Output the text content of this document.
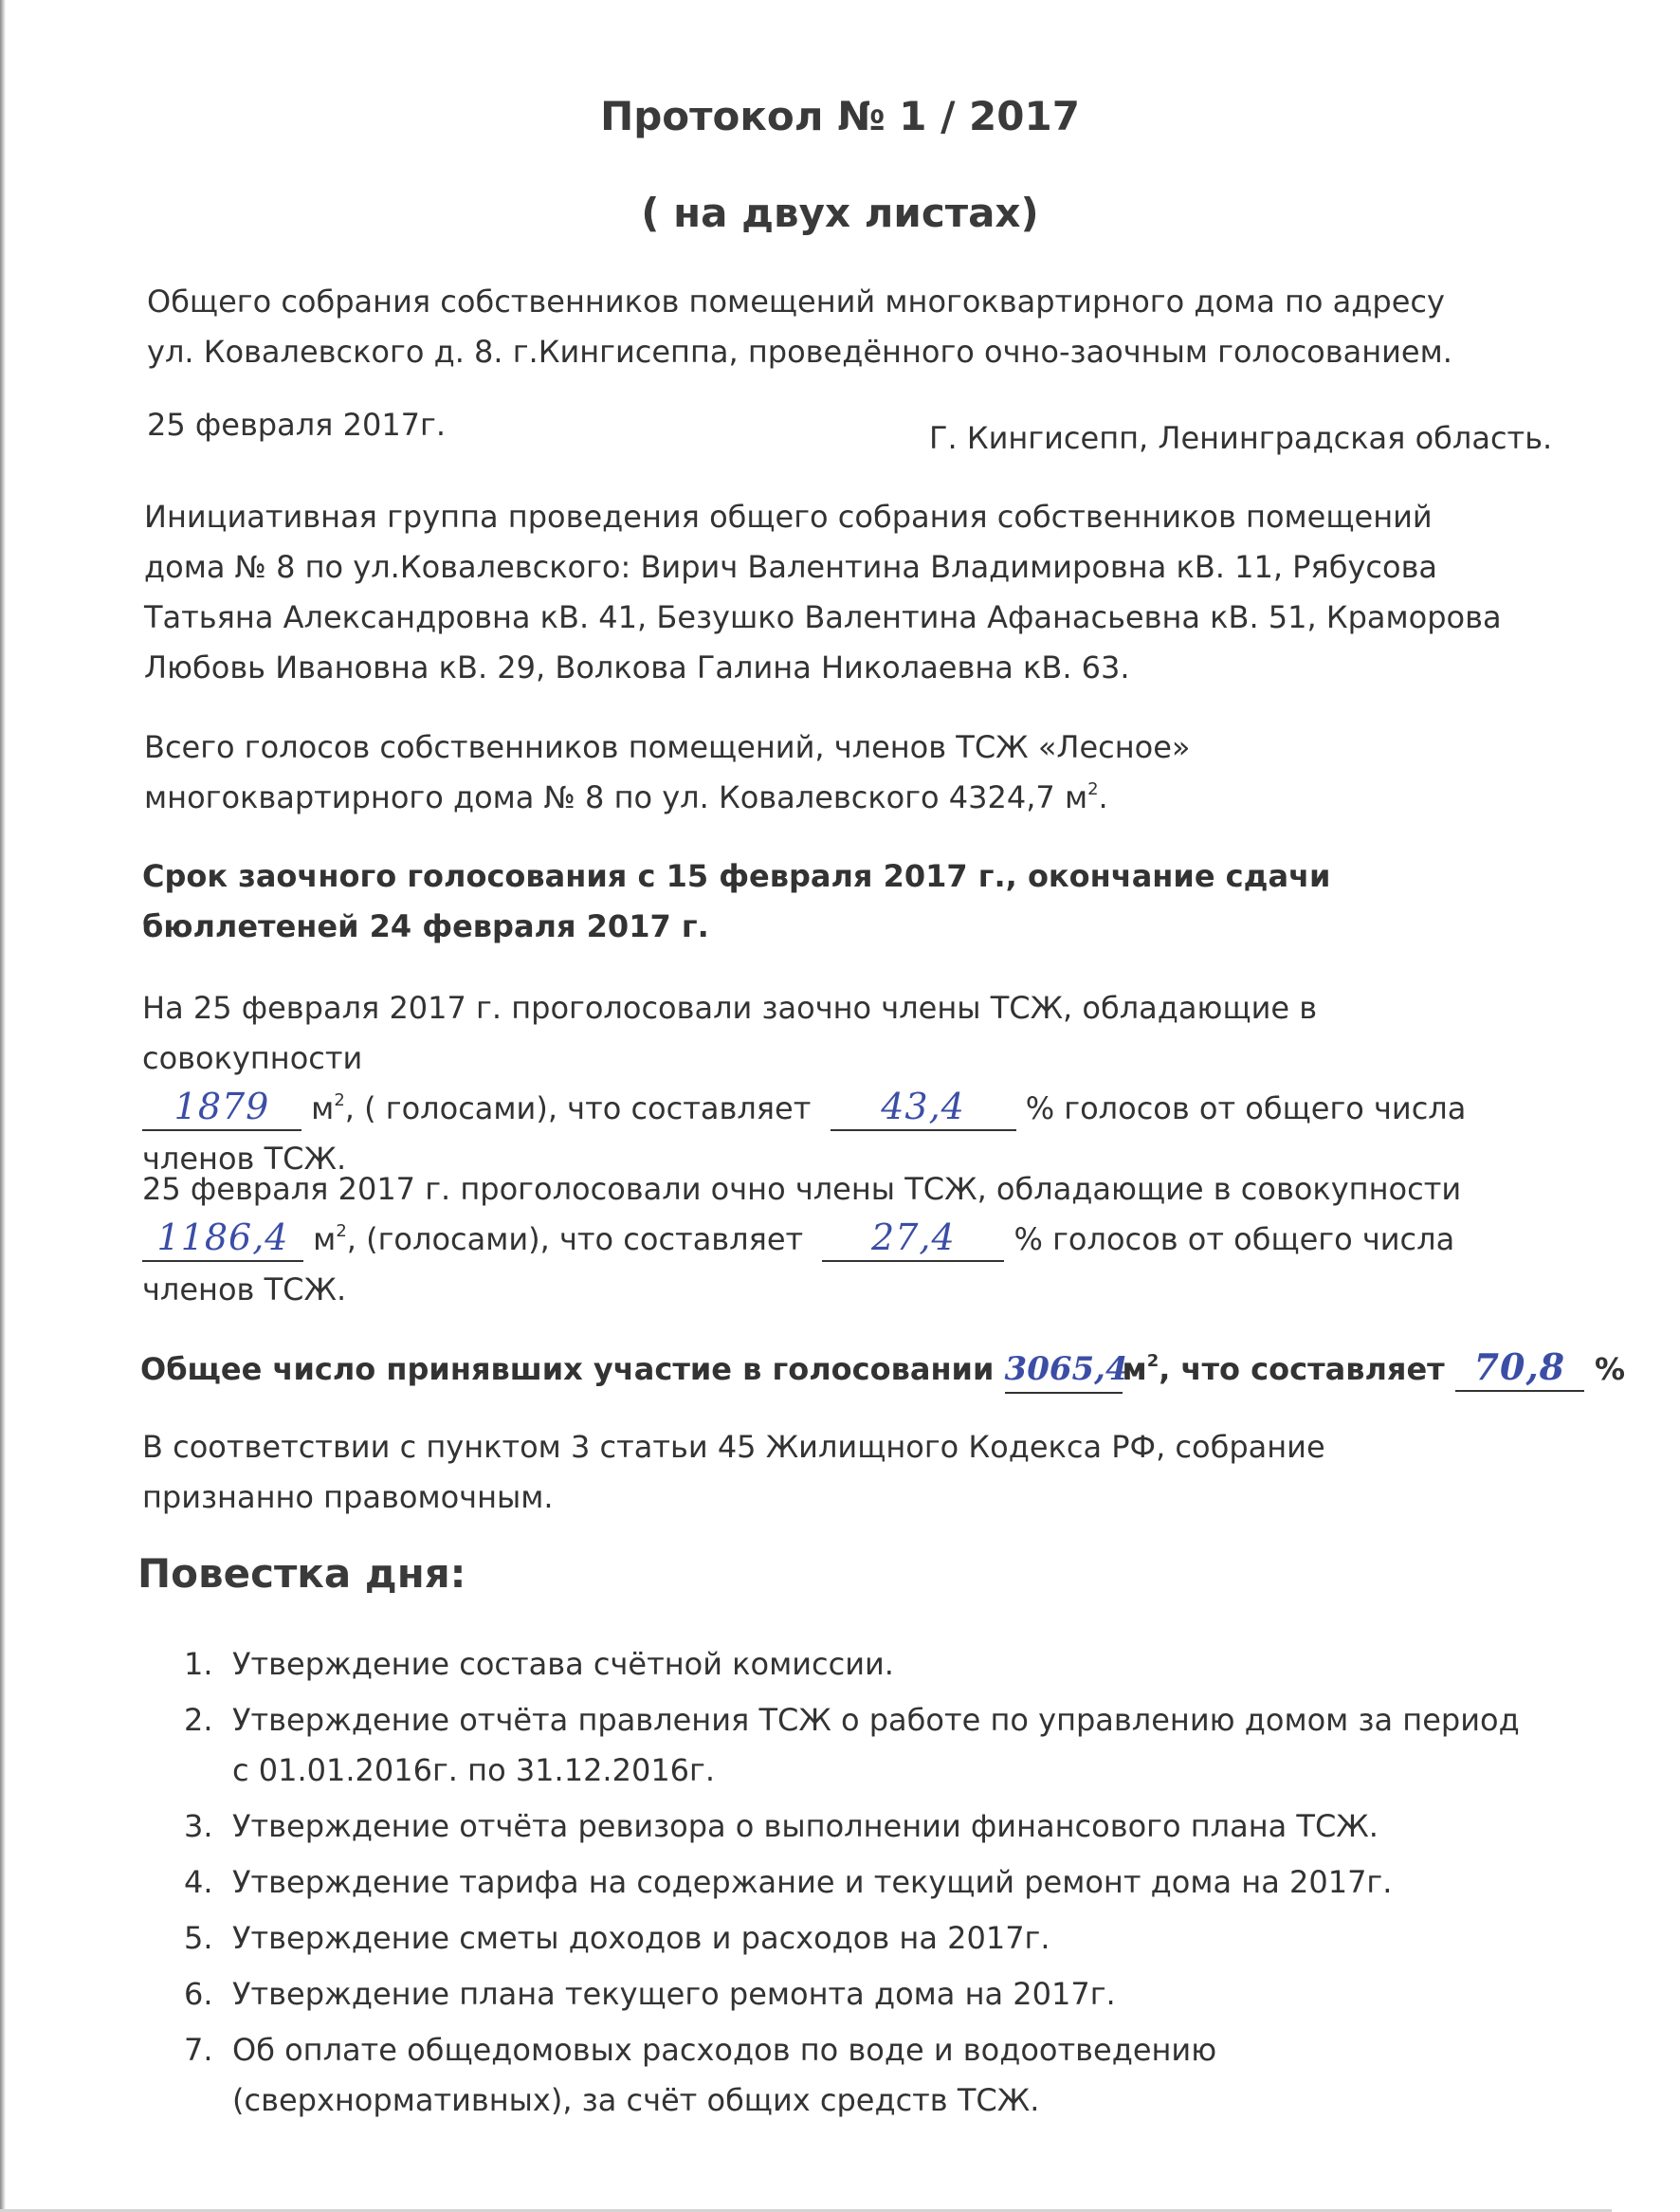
Протокол № 1 / 2017
( на двух листах)

Общего собрания собственников помещений многоквартирного дома по адресу ул. Ковалевского д. 8. г.Кингисеппа, проведённого очно-заочным голосованием.

25 февраля 2017г.	Г. Кингисепп, Ленинградская область.

Инициативная группа проведения общего собрания собственников помещений дома № 8 по ул.Ковалевского: Вирич Валентина Владимировна кВ. 11, Рябусова Татьяна Александровна кВ. 41, Безушко Валентина Афанасьевна кВ. 51, Краморова Любовь Ивановна кВ. 29, Волкова Галина Николаевна кВ. 63.

Всего голосов собственников помещений, членов ТСЖ «Лесное» многоквартирного дома № 8 по ул. Ковалевского 4324,7 $м^2$.

Срок заочного голосования с 15 февраля 2017 г., окончание сдачи бюллетеней 24 февраля 2017 г.

На 25 февраля 2017 г. проголосовали заочно члены ТСЖ, обладающие в совокупности
1879 $м^2$, ( голосами), что составляет 43,4 % голосов от общего числа
членов ТСЖ.
25 февраля 2017 г. проголосовали очно члены ТСЖ, обладающие в совокупности
1186,4 $м^2$, (голосами), что составляет 27,4 % голосов от общего числа
членов ТСЖ.
Общее число принявших участие в голосовании $3065,4м^2$, что составляет 70,8 %

В соответствии с пунктом 3 статьи 45 Жилищного Кодекса РФ, собрание признанно правомочным.

Повестка дня:
1. Утверждение состава счётной комиссии.
2. Утверждение отчёта правления ТСЖ о работе по управлению домом за период с 01.01.2016г. по 31.12.2016г.
3. Утверждение отчёта ревизора о выполнении финансового плана ТСЖ.
4. Утверждение тарифа на содержание и текущий ремонт дома на 2017г.
5. Утверждение сметы доходов и расходов на 2017г.
6. Утверждение плана текущего ремонта дома на 2017г.
7. Об оплате общедомовых расходов по воде и водоотведению (сверхнормативных), за счёт общих средств ТСЖ.
